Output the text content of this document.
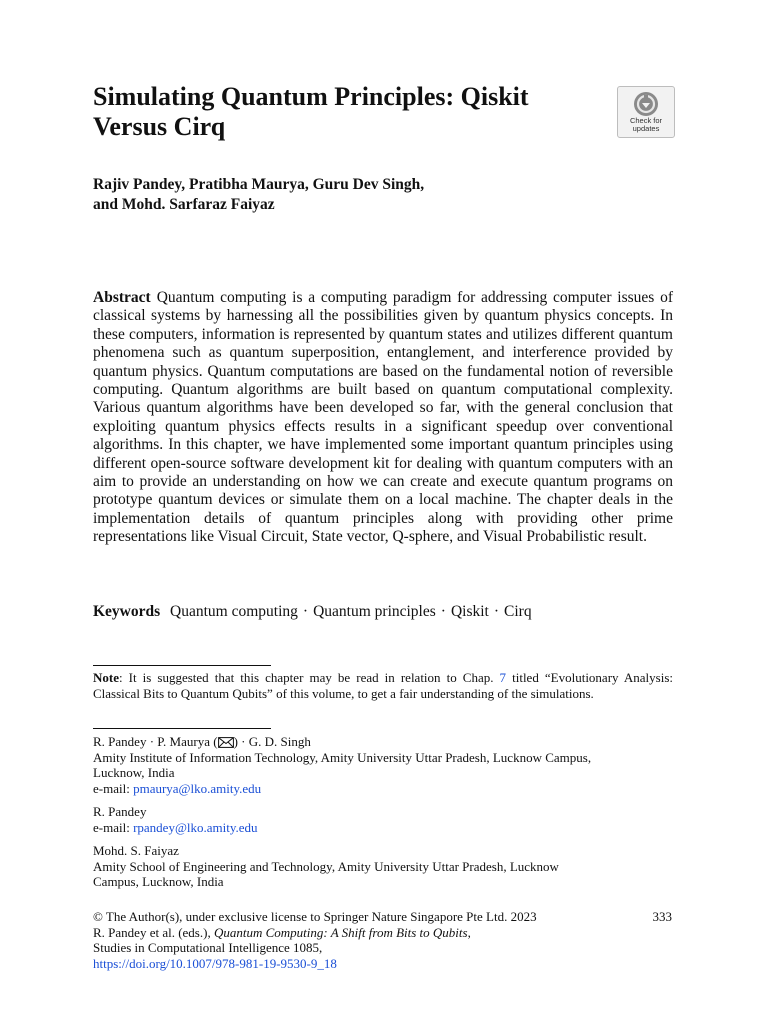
Simulating Quantum Principles: Qiskit Versus Cirq	Check for
updates
Rajiv Pandey, Pratibha Maurya, Guru Dev Singh,
and Mohd. Sarfaraz Faiyaz
Abstract Quantum computing is a computing paradigm for addressing computer issues of classical systems by harnessing all the possibilities given by quantum physics concepts. In these computers, information is represented by quantum states and utilizes different quantum phenomena such as quantum superposition, entanglement, and interference provided by quantum physics. Quantum computations are based on the fundamental notion of reversible computing. Quantum algorithms are built based on quantum computational complexity. Various quantum algorithms have been developed so far, with the general conclusion that exploiting quantum physics effects results in a significant speedup over conventional algorithms. In this chapter, we have implemented some important quantum principles using different open-source software development kit for dealing with quantum computers with an aim to provide an understanding on how we can create and execute quantum programs on prototype quantum devices or simulate them on a local machine. The chapter deals in the implementation details of quantum principles along with providing other prime representations like Visual Circuit, State vector, Q-sphere, and Visual Probabilistic result.
Keywords Quantum computing · Quantum principles · Qiskit · Cirq
Note: It is suggested that this chapter may be read in relation to Chap. 7 titled “Evolutionary Analysis: Classical Bits to Quantum Qubits” of this volume, to get a fair understanding of the simulations.
R. Pandey · P. Maurya ( ) · G. D. Singh
Amity Institute of Information Technology, Amity University Uttar Pradesh, Lucknow Campus,
Lucknow, India
e-mail: pmaurya@lko.amity.edu
R. Pandey
e-mail: rpandey@lko.amity.edu
Mohd. S. Faiyaz
Amity School of Engineering and Technology, Amity University Uttar Pradesh, Lucknow
Campus, Lucknow, India
© The Author(s), under exclusive license to Springer Nature Singapore Pte Ltd. 2023
R. Pandey et al. (eds.), Quantum Computing: A Shift from Bits to Qubits,
Studies in Computational Intelligence 1085,
https://doi.org/10.1007/978-981-19-9530-9_18
333
